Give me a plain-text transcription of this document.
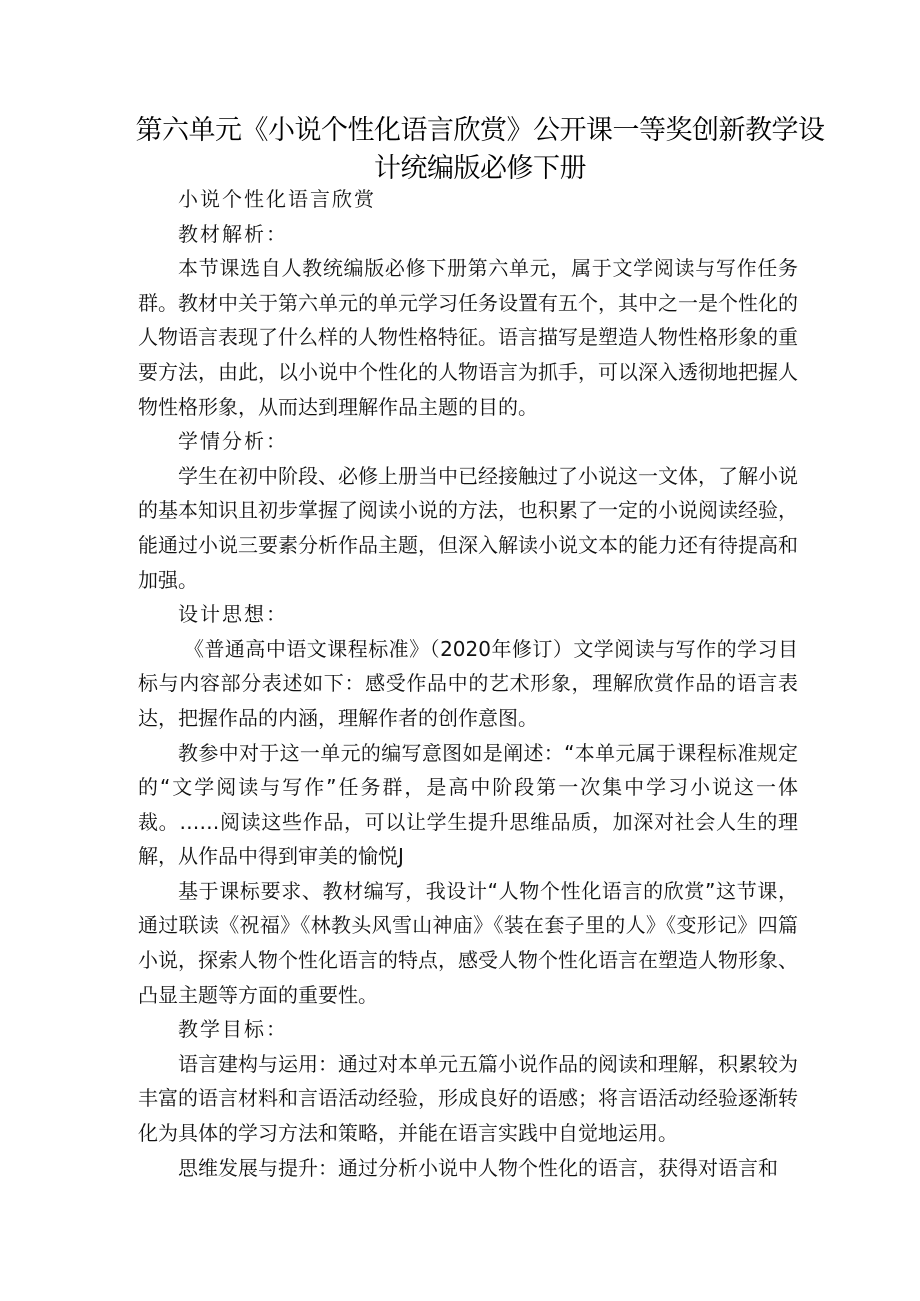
第六单元《小说个性化语言欣赏》公开课一等奖创新教学设计统编版必修下册

小说个性化语言欣赏

教材解析：

本节课选自人教统编版必修下册第六单元，属于文学阅读与写作任务群。教材中关于第六单元的单元学习任务设置有五个，其中之一是个性化的人物语言表现了什么样的人物性格特征。语言描写是塑造人物性格形象的重要方法，由此，以小说中个性化的人物语言为抓手，可以深入透彻地把握人物性格形象，从而达到理解作品主题的目的。

学情分析：

学生在初中阶段、必修上册当中已经接触过了小说这一文体，了解小说的基本知识且初步掌握了阅读小说的方法，也积累了一定的小说阅读经验，能通过小说三要素分析作品主题，但深入解读小说文本的能力还有待提高和加强。

设计思想：

《普通高中语文课程标准》（2020年修订）文学阅读与写作的学习目标与内容部分表述如下：感受作品中的艺术形象，理解欣赏作品的语言表达，把握作品的内涵，理解作者的创作意图。

教参中对于这一单元的编写意图如是阐述：“本单元属于课程标准规定的“文学阅读与写作”任务群，是高中阶段第一次集中学习小说这一体裁。……阅读这些作品，可以让学生提升思维品质，加深对社会人生的理解，从作品中得到审美的愉悦J

基于课标要求、教材编写，我设计“人物个性化语言的欣赏”这节课，通过联读《祝福》《林教头风雪山神庙》《装在套子里的人》《变形记》四篇小说，探索人物个性化语言的特点，感受人物个性化语言在塑造人物形象、凸显主题等方面的重要性。

教学目标：

语言建构与运用：通过对本单元五篇小说作品的阅读和理解，积累较为丰富的语言材料和言语活动经验，形成良好的语感；将言语活动经验逐渐转化为具体的学习方法和策略，并能在语言实践中自觉地运用。

思维发展与提升：通过分析小说中人物个性化的语言，获得对语言和
